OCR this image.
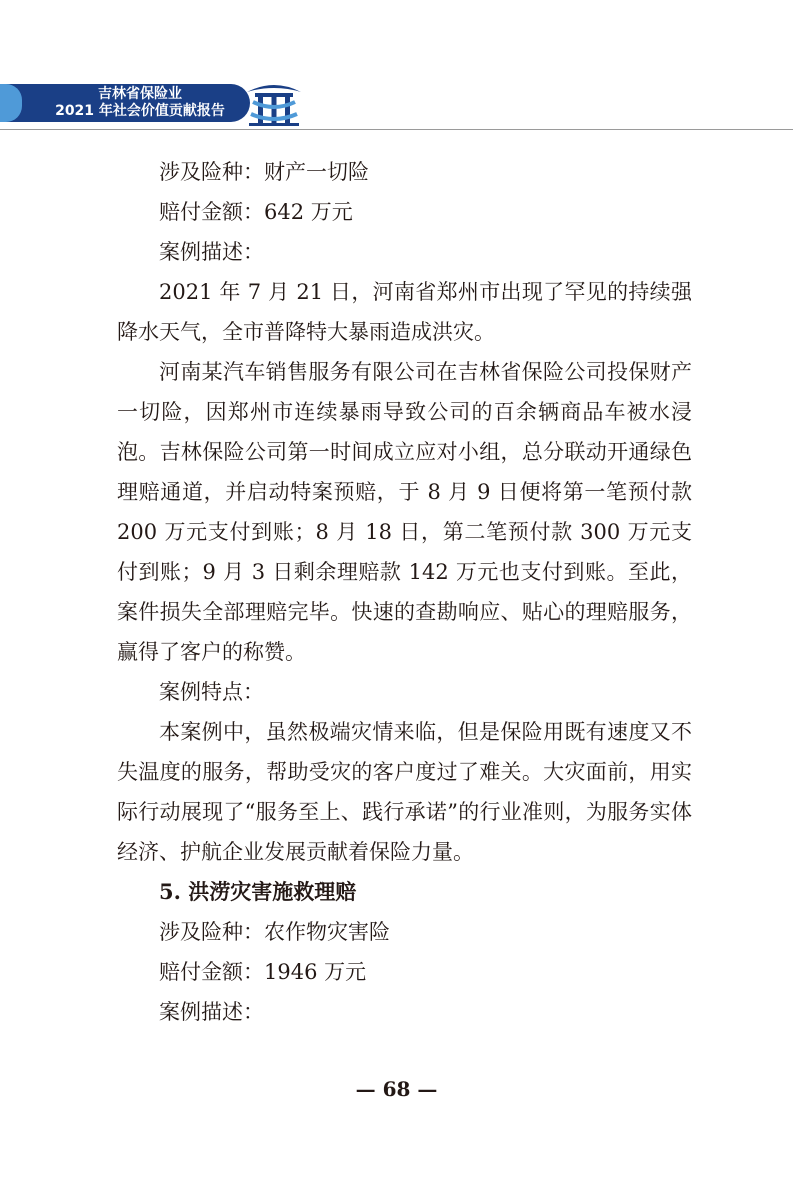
吉林省保险业
2021 年社会价值贡献报告

涉及险种：财产一切险

赔付金额：642 万元

案例描述：

2021 年 7 月 21 日，河南省郑州市出现了罕见的持续强降水天气，全市普降特大暴雨造成洪灾。

河南某汽车销售服务有限公司在吉林省保险公司投保财产一切险，因郑州市连续暴雨导致公司的百余辆商品车被水浸泡。吉林保险公司第一时间成立应对小组，总分联动开通绿色理赔通道，并启动特案预赔，于 8 月 9 日便将第一笔预付款 200 万元支付到账；8 月 18 日，第二笔预付款 300 万元支付到账；9 月 3 日剩余理赔款 142 万元也支付到账。至此，案件损失全部理赔完毕。快速的查勘响应、贴心的理赔服务，赢得了客户的称赞。

案例特点：

本案例中，虽然极端灾情来临，但是保险用既有速度又不失温度的服务，帮助受灾的客户度过了难关。大灾面前，用实际行动展现了“服务至上、践行承诺”的行业准则，为服务实体经济、护航企业发展贡献着保险力量。

5. 洪涝灾害施救理赔

涉及险种：农作物灾害险

赔付金额：1946 万元

案例描述：

— 68 —
